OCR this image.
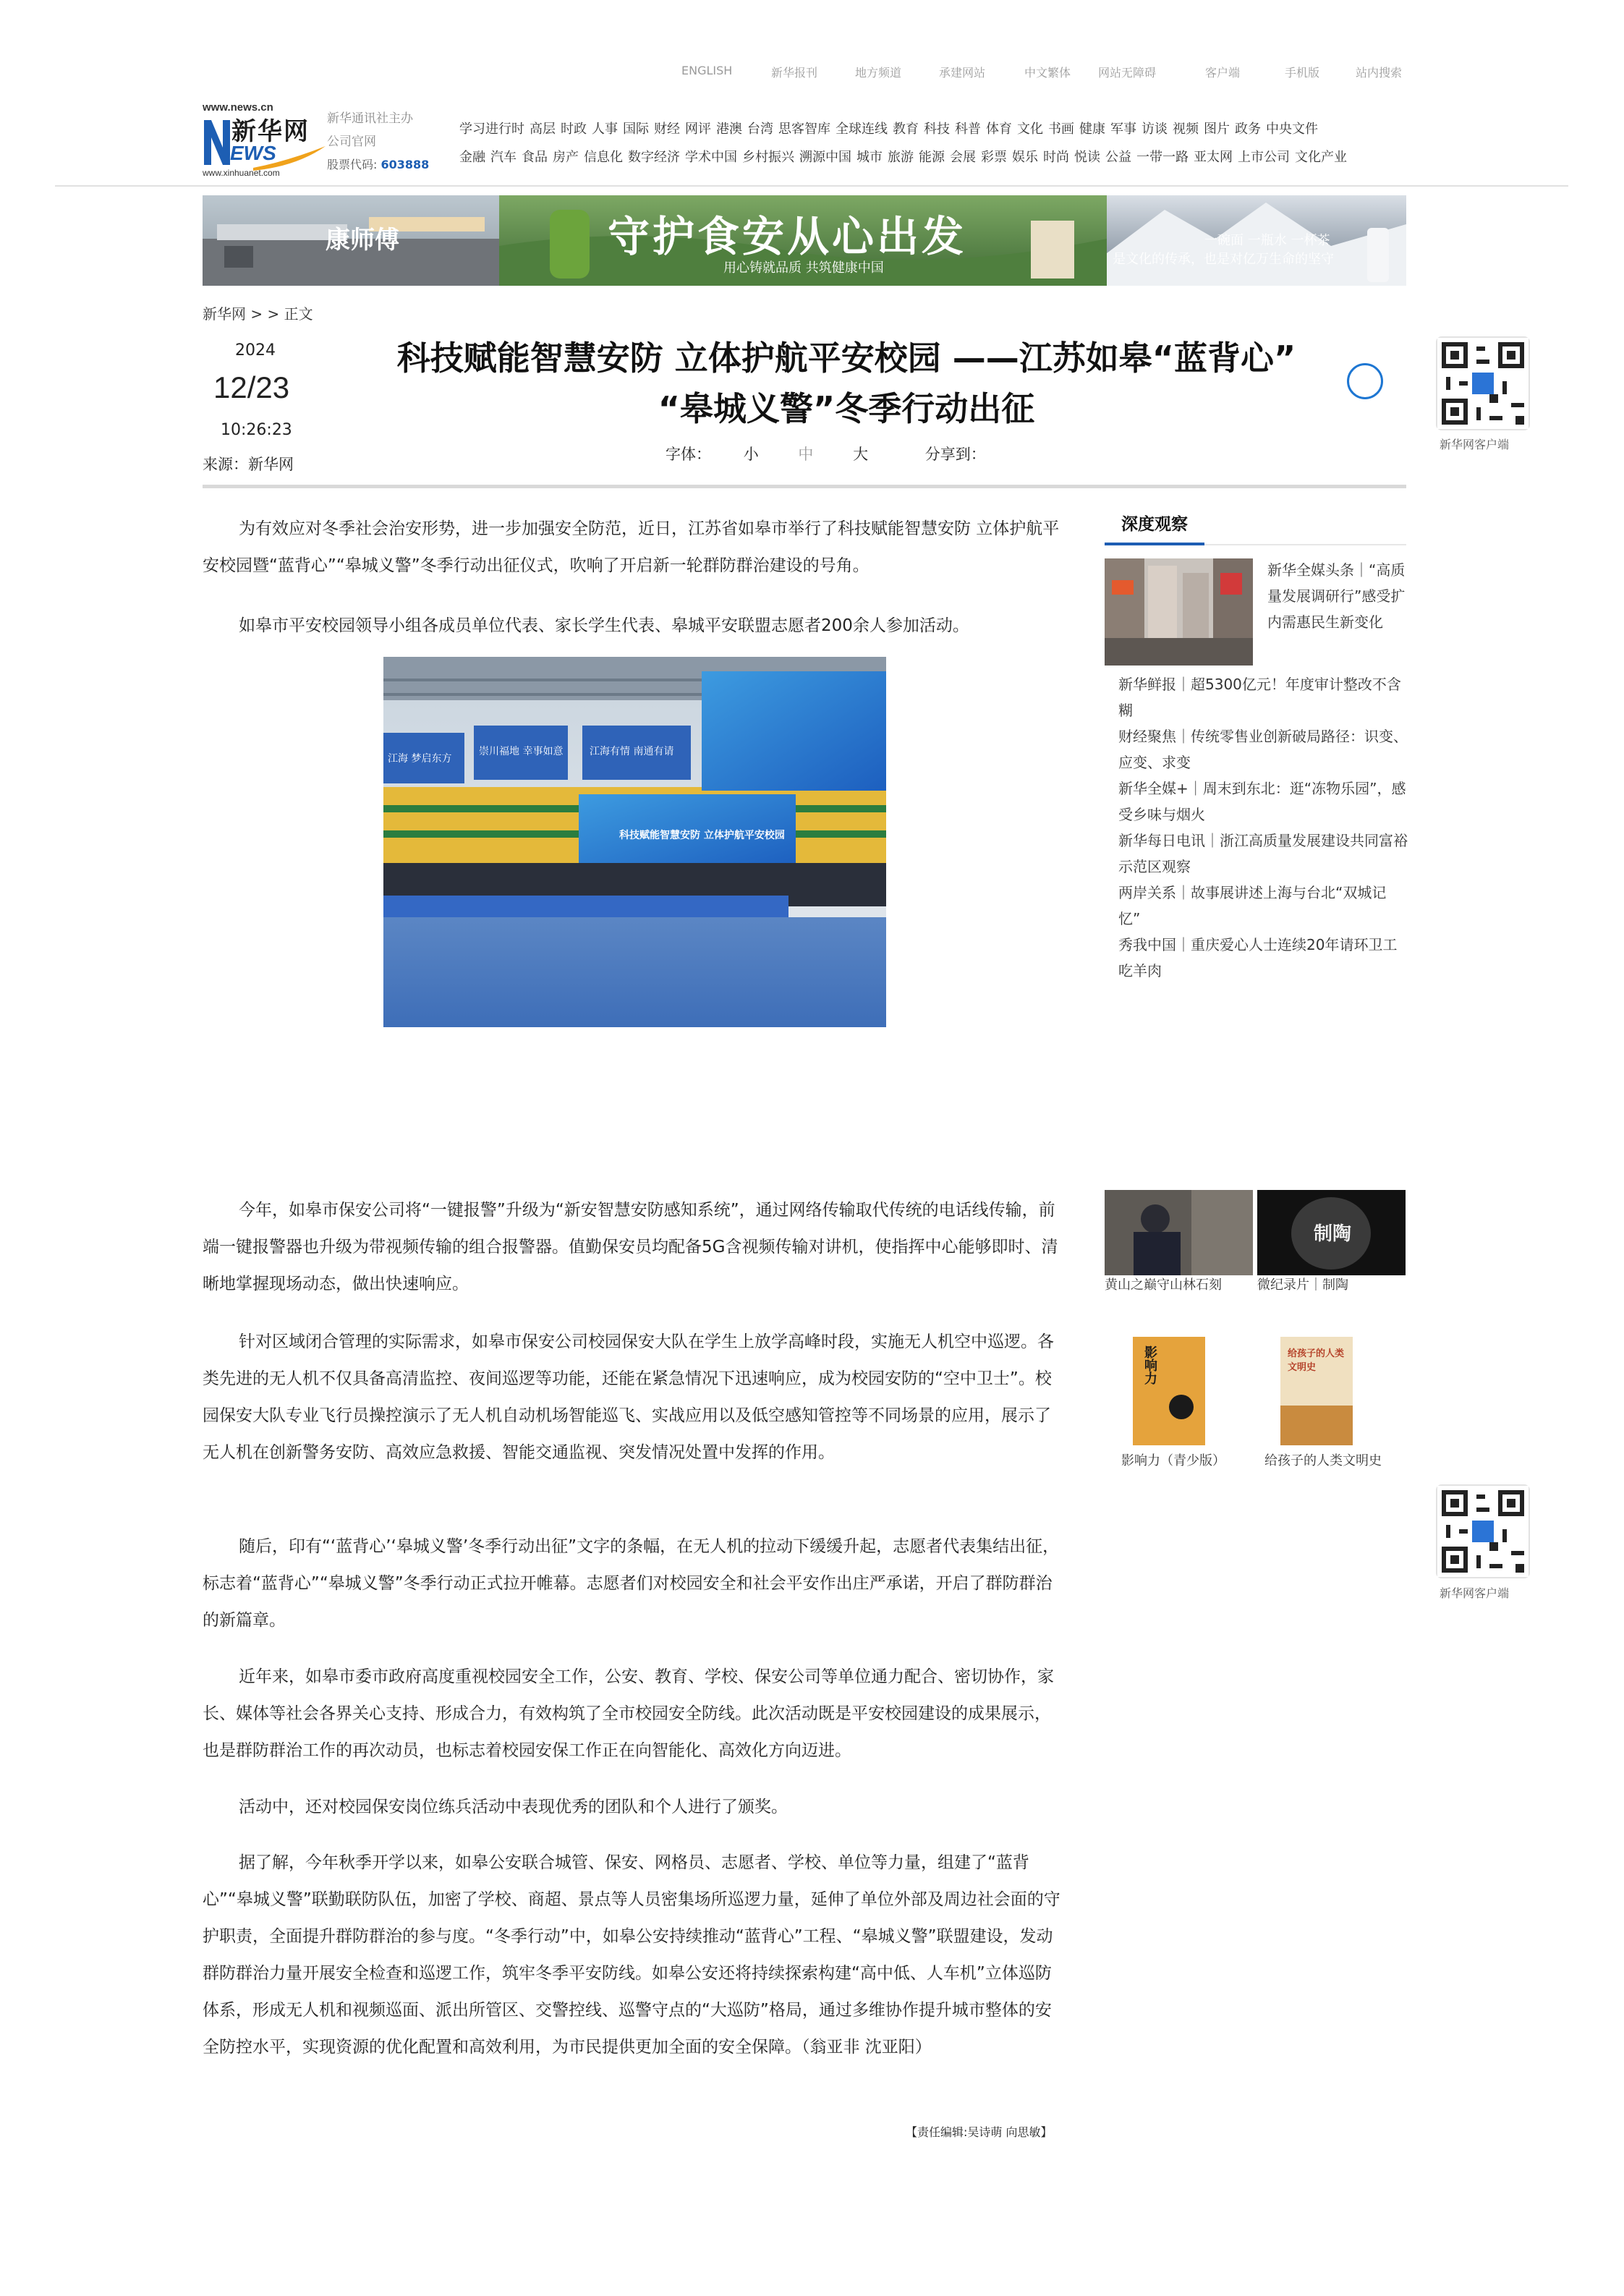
ENGLISH	新华报刊	地方频道	承建网站	中文繁体 网站无障碍	客户端	手机版	站内搜索
www.news.cn
新华网
EWS
www.xinhuanet.com
新华通讯社主办
公司官网
股票代码: 603888
学习进行时 高层 时政 人事 国际 财经 网评 港澳 台湾 思客智库 全球连线 教育 科技 科普 体育 文化 书画 健康 军事 访谈 视频 图片 政务 中央文件
金融 汽车 食品 房产 信息化 数字经济 学术中国 乡村振兴 溯源中国 城市 旅游 能源 会展 彩票 娱乐 时尚 悦读 公益 一带一路 亚太网 上市公司 文化产业
康师傅	守护食安从心出发
用心铸就品质 共筑健康中国
一碗面 一瓶水 一杯茶
是文化的传承，也是对亿万生命的坚守
新华网 > > 正文
2024
12/23
10:26:23
来源：新华网
科技赋能智慧安防 立体护航平安校园 ——江苏如皋“蓝背心”
“皋城义警”冬季行动出征
字体： 小	中	大	分享到：
为有效应对冬季社会治安形势，进一步加强安全防范，近日，江苏省如皋市举行了科技赋能智慧安防 立体护航平安校园暨“蓝背心”“皋城义警”冬季行动出征仪式，吹响了开启新一轮群防群治建设的号角。
如皋市平安校园领导小组各成员单位代表、家长学生代表、皋城平安联盟志愿者200余人参加活动。
科技赋能智慧安防 立体护航平安校园
江海 梦启东方
崇川福地 幸事如意	江海有情 南通有请
今年，如皋市保安公司将“一键报警”升级为“新安智慧安防感知系统”，通过网络传输取代传统的电话线传输，前端一键报警器也升级为带视频传输的组合报警器。值勤保安员均配备5G含视频传输对讲机，使指挥中心能够即时、清晰地掌握现场动态，做出快速响应。
针对区域闭合管理的实际需求，如皋市保安公司校园保安大队在学生上放学高峰时段，实施无人机空中巡逻。各类先进的无人机不仅具备高清监控、夜间巡逻等功能，还能在紧急情况下迅速响应，成为校园安防的“空中卫士”。校园保安大队专业飞行员操控演示了无人机自动机场智能巡飞、实战应用以及低空感知管控等不同场景的应用，展示了无人机在创新警务安防、高效应急救援、智能交通监视、突发情况处置中发挥的作用。
随后，印有“‘蓝背心’‘皋城义警’冬季行动出征”文字的条幅，在无人机的拉动下缓缓升起，志愿者代表集结出征，标志着“蓝背心”“皋城义警”冬季行动正式拉开帷幕。志愿者们对校园安全和社会平安作出庄严承诺，开启了群防群治的新篇章。
近年来，如皋市委市政府高度重视校园安全工作，公安、教育、学校、保安公司等单位通力配合、密切协作，家长、媒体等社会各界关心支持、形成合力，有效构筑了全市校园安全防线。此次活动既是平安校园建设的成果展示，也是群防群治工作的再次动员，也标志着校园安保工作正在向智能化、高效化方向迈进。
活动中，还对校园保安岗位练兵活动中表现优秀的团队和个人进行了颁奖。
据了解，今年秋季开学以来，如皋公安联合城管、保安、网格员、志愿者、学校、单位等力量，组建了“蓝背心”“皋城义警”联勤联防队伍，加密了学校、商超、景点等人员密集场所巡逻力量，延伸了单位外部及周边社会面的守护职责，全面提升群防群治的参与度。“冬季行动”中，如皋公安持续推动“蓝背心”工程、“皋城义警”联盟建设，发动群防群治力量开展安全检查和巡逻工作，筑牢冬季平安防线。如皋公安还将持续探索构建“高中低、人车机”立体巡防体系，形成无人机和视频巡面、派出所管区、交警控线、巡警守点的“大巡防”格局，通过多维协作提升城市整体的安全防控水平，实现资源的优化配置和高效利用，为市民提供更加全面的安全保障。（翁亚非 沈亚阳）
【责任编辑:吴诗萌 向思敏】
深度观察
新华全媒头条｜“高质量发展调研行”感受扩内需惠民生新变化
新华鲜报｜超5300亿元！年度审计整改不含糊
财经聚焦｜传统零售业创新破局路径：识变、应变、求变
新华全媒+｜周末到东北：逛“冻物乐园”，感受乡味与烟火
新华每日电讯｜浙江高质量发展建设共同富裕示范区观察
两岸关系｜故事展讲述上海与台北“双城记忆”
秀我中国｜重庆爱心人士连续20年请环卫工吃羊肉
制陶
黄山之巅守山林石刻	微纪录片｜制陶
影响力	给孩子的人类文明史
影响力（青少版）	给孩子的人类文明史
新华网客户端
新华网客户端
